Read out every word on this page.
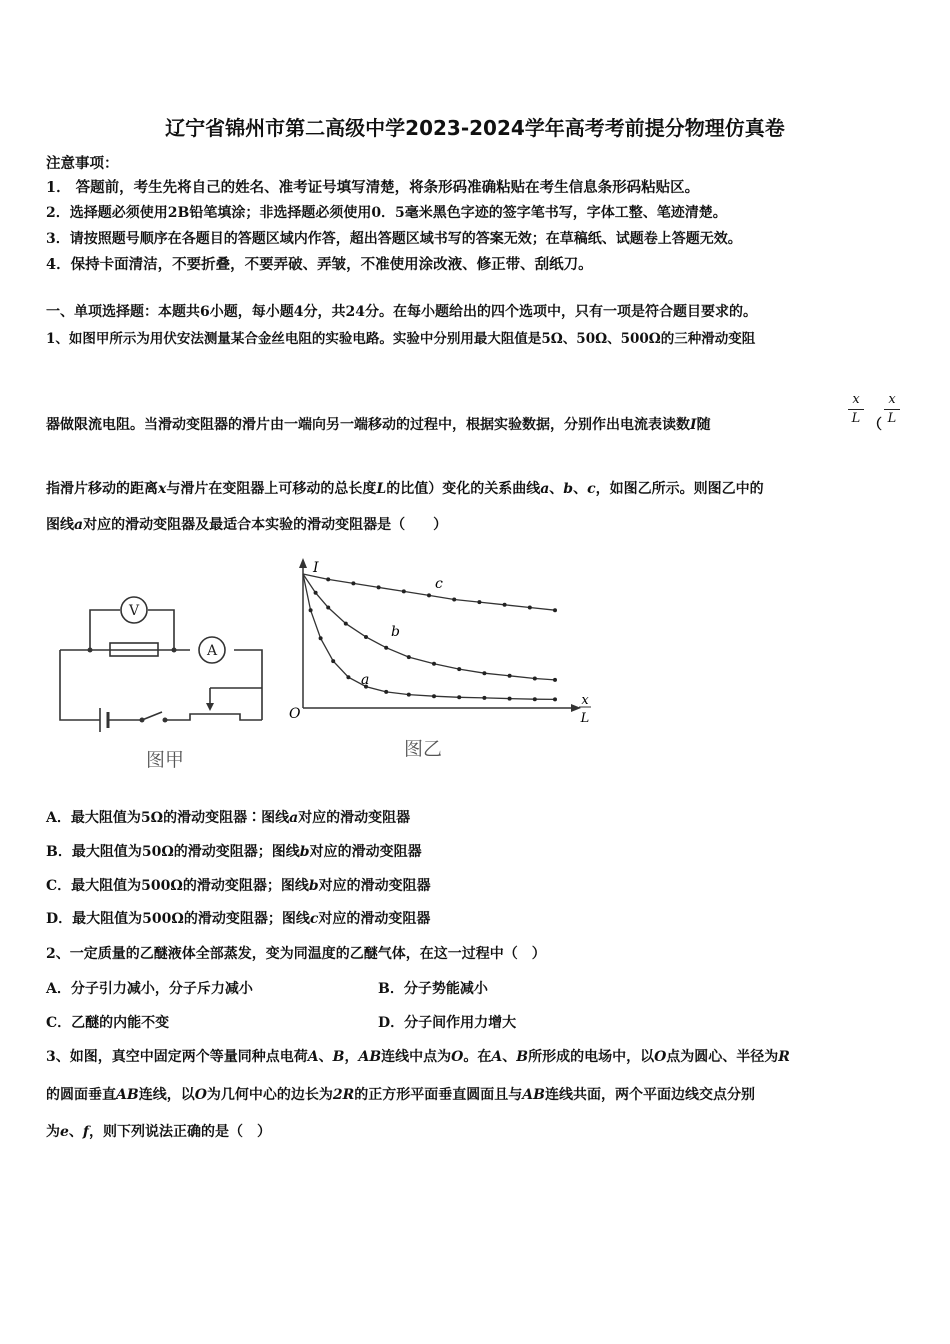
辽宁省锦州市第二高级中学2023-2024学年高考考前提分物理仿真卷
注意事项：
1． 答题前，考生先将自己的姓名、准考证号填写清楚，将条形码准确粘贴在考生信息条形码粘贴区。
2．选择题必须使用2B铅笔填涂；非选择题必须使用0．5毫米黑色字迹的签字笔书写，字体工整、笔迹清楚。
3．请按照题号顺序在各题目的答题区域内作答，超出答题区域书写的答案无效；在草稿纸、试题卷上答题无效。
4．保持卡面清洁，不要折叠，不要弄破、弄皱，不准使用涂改液、修正带、刮纸刀。
一、单项选择题：本题共6小题，每小题4分，共24分。在每小题给出的四个选项中，只有一项是符合题目要求的。
1、如图甲所示为用伏安法测量某合金丝电阻的实验电路。实验中分别用最大阻值是5Ω、50Ω、500Ω的三种滑动变阻
器做限流电阻。当滑动变阻器的滑片由一端向另一端移动的过程中，根据实验数据，分别作出电流表读数I随
x
L （
x
L
指滑片移动的距离x与滑片在变阻器上可移动的总长度L的比值）变化的关系曲线a、b、c，如图乙所示。则图乙中的
图线a对应的滑动变阻器及最适合本实验的滑动变阻器是（　　）
V
A
图甲
I
O
x
L
c
b
a
图乙
A．最大阻值为5Ω的滑动变阻器∶图线a对应的滑动变阻器
B．最大阻值为50Ω的滑动变阻器；图线b对应的滑动变阻器
C．最大阻值为500Ω的滑动变阻器；图线b对应的滑动变阻器
D．最大阻值为500Ω的滑动变阻器；图线c对应的滑动变阻器
2、一定质量的乙醚液体全部蒸发，变为同温度的乙醚气体，在这一过程中（　）
A．分子引力减小，分子斥力减小	B．分子势能减小
C．乙醚的内能不变	D．分子间作用力增大
3、如图，真空中固定两个等量同种点电荷A、B，AB连线中点为O。在A、B所形成的电场中，以O点为圆心、半径为R
的圆面垂直AB连线，以O为几何中心的边长为2R的正方形平面垂直圆面且与AB连线共面，两个平面边线交点分别
为e、f，则下列说法正确的是（　）
